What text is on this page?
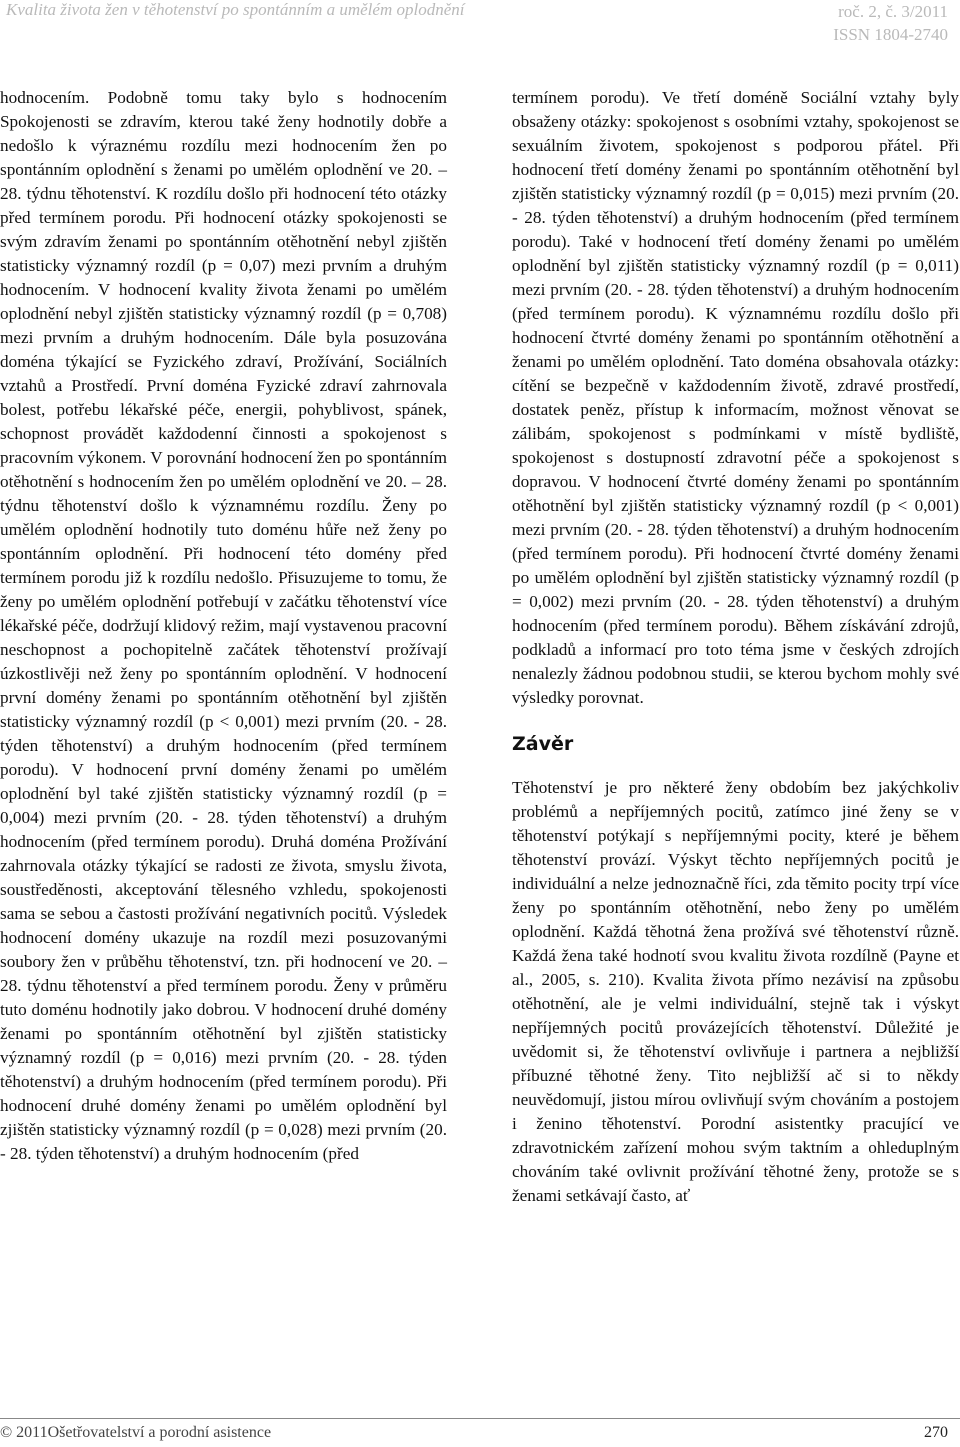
Kvalita života žen v těhotenství po spontánním a umělém oplodnění	roč. 2, č. 3/2011
ISSN 1804-2740

hodnocením. Podobně tomu taky bylo s hodnocením Spokojenosti se zdravím, kterou také ženy hodnotily dobře a nedošlo k výraznému rozdílu mezi hodnocením žen po spontánním oplodnění s ženami po umělém oplodnění ve 20. – 28. týdnu těhotenství. K rozdílu došlo při hodnocení této otázky před termínem porodu. Při hodnocení otázky spokojenosti se svým zdravím ženami po spontánním otěhotnění nebyl zjištěn statisticky významný rozdíl (p = 0,07) mezi prvním a druhým hodnocením. V hodnocení kvality života ženami po umělém oplodnění nebyl zjištěn statisticky významný rozdíl (p = 0,708) mezi prvním a druhým hodnocením. Dále byla posuzována doména týkající se Fyzického zdraví, Prožívání, Sociálních vztahů a Prostředí. První doména Fyzické zdraví zahrnovala bolest, potřebu lékařské péče, energii, pohyblivost, spánek, schopnost provádět každodenní činnosti a spokojenost s pracovním výkonem. V porovnání hodnocení žen po spontánním otěhotnění s hodnocením žen po umělém oplodnění ve 20. – 28. týdnu těhotenství došlo k významnému rozdílu. Ženy po umělém oplodnění hodnotily tuto doménu hůře než ženy po spontánním oplodnění. Při hodnocení této domény před termínem porodu již k rozdílu nedošlo. Přisuzujeme to tomu, že ženy po umělém oplodnění potřebují v začátku těhotenství více lékařské péče, dodržují klidový režim, mají vystavenou pracovní neschopnost a pochopitelně začátek těhotenství prožívají úzkostlivěji než ženy po spontánním oplodnění. V hodnocení první domény ženami po spontánním otěhotnění byl zjištěn statisticky významný rozdíl (p < 0,001) mezi prvním (20. - 28. týden těhotenství) a druhým hodnocením (před termínem porodu). V hodnocení první domény ženami po umělém oplodnění byl také zjištěn statisticky významný rozdíl (p = 0,004) mezi prvním (20. - 28. týden těhotenství) a druhým hodnocením (před termínem porodu). Druhá doména Prožívání zahrnovala otázky týkající se radosti ze života, smyslu života, soustředěnosti, akceptování tělesného vzhledu, spokojenosti sama se sebou a častosti prožívání negativních pocitů. Výsledek hodnocení domény ukazuje na rozdíl mezi posuzovanými soubory žen v průběhu těhotenství, tzn. při hodnocení ve 20. – 28. týdnu těhotenství a před termínem porodu. Ženy v průměru tuto doménu hodnotily jako dobrou. V hodnocení druhé domény ženami po spontánním otěhotnění byl zjištěn statisticky významný rozdíl (p = 0,016) mezi prvním (20. - 28. týden těhotenství) a druhým hodnocením (před termínem porodu). Při hodnocení druhé domény ženami po umělém oplodnění byl zjištěn statisticky významný rozdíl (p = 0,028) mezi prvním (20. - 28. týden těhotenství) a druhým hodnocením (před

termínem porodu). Ve třetí doméně Sociální vztahy byly obsaženy otázky: spokojenost s osobními vztahy, spokojenost se sexuálním životem, spokojenost s podporou přátel. Při hodnocení třetí domény ženami po spontánním otěhotnění byl zjištěn statisticky významný rozdíl (p = 0,015) mezi prvním (20. - 28. týden těhotenství) a druhým hodnocením (před termínem porodu). Také v hodnocení třetí domény ženami po umělém oplodnění byl zjištěn statisticky významný rozdíl (p = 0,011) mezi prvním (20. - 28. týden těhotenství) a druhým hodnocením (před termínem porodu). K významnému rozdílu došlo při hodnocení čtvrté domény ženami po spontánním otěhotnění a ženami po umělém oplodnění. Tato doména obsahovala otázky: cítění se bezpečně v každodenním životě, zdravé prostředí, dostatek peněz, přístup k informacím, možnost věnovat se zálibám, spokojenost s podmínkami v místě bydliště, spokojenost s dostupností zdravotní péče a spokojenost s dopravou. V hodnocení čtvrté domény ženami po spontánním otěhotnění byl zjištěn statisticky významný rozdíl (p < 0,001) mezi prvním (20. - 28. týden těhotenství) a druhým hodnocením (před termínem porodu). Při hodnocení čtvrté domény ženami po umělém oplodnění byl zjištěn statisticky významný rozdíl (p = 0,002) mezi prvním (20. - 28. týden těhotenství) a druhým hodnocením (před termínem porodu). Během získávání zdrojů, podkladů a informací pro toto téma jsme v českých zdrojích nenalezly žádnou podobnou studii, se kterou bychom mohly své výsledky porovnat.

Závěr

Těhotenství je pro některé ženy obdobím bez jakýchkoliv problémů a nepříjemných pocitů, zatímco jiné ženy se v těhotenství potýkají s nepříjemnými pocity, které je během těhotenství provází. Výskyt těchto nepříjemných pocitů je individuální a nelze jednoznačně říci, zda těmito pocity trpí více ženy po spontánním otěhotnění, nebo ženy po umělém oplodnění. Každá těhotná žena prožívá své těhotenství různě. Každá žena také hodnotí svou kvalitu života rozdílně (Payne et al., 2005, s. 210). Kvalita života přímo nezávisí na způsobu otěhotnění, ale je velmi individuální, stejně tak i výskyt nepříjemných pocitů provázejících těhotenství. Důležité je uvědomit si, že těhotenství ovlivňuje i partnera a nejbližší příbuzné těhotné ženy. Tito nejbližší ač si to někdy neuvědomují, jistou mírou ovlivňují svým chováním a postojem i ženino těhotenství. Porodní asistentky pracující ve zdravotnickém zařízení mohou svým taktním a ohleduplným chováním také ovlivnit prožívání těhotné ženy, protože se s ženami setkávají často, ať

© 2011Ošetřovatelství a porodní asistence	270
